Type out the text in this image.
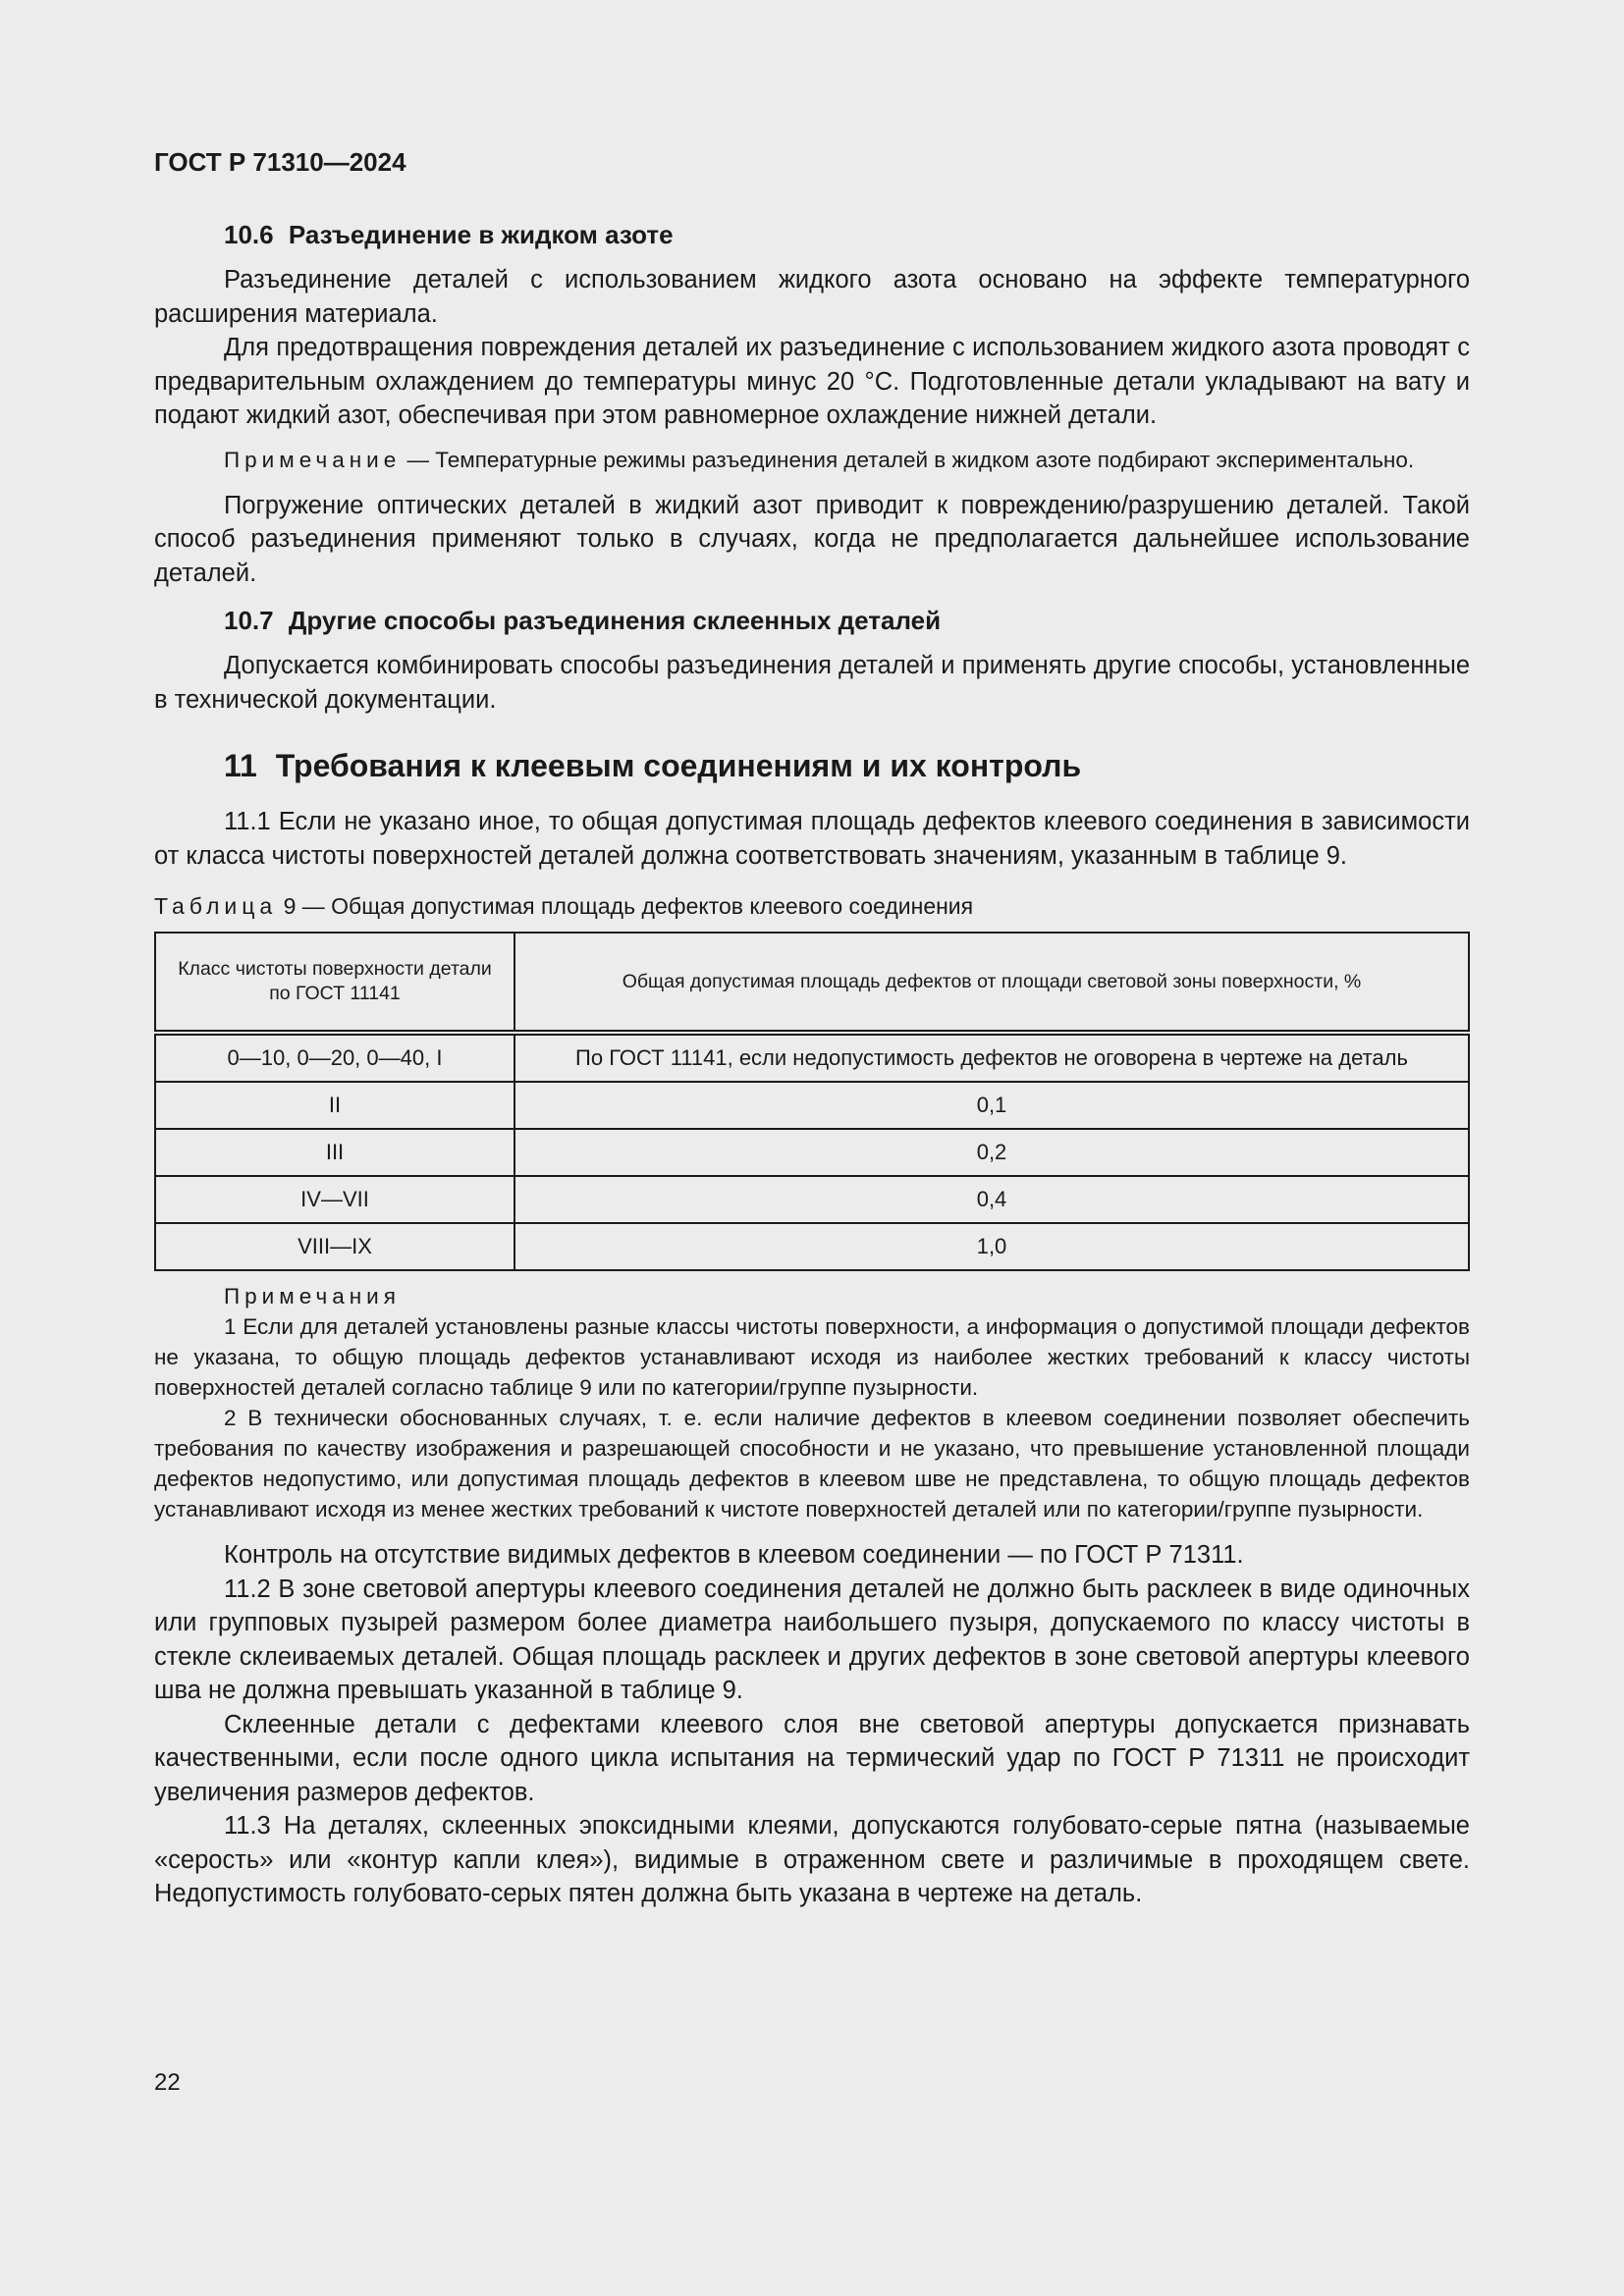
ГОСТ Р 71310—2024
10.6 Разъединение в жидком азоте

Разъединение деталей с использованием жидкого азота основано на эффекте температурного расширения материала.

Для предотвращения повреждения деталей их разъединение с использованием жидкого азота проводят с предварительным охлаждением до температуры минус 20 °С. Подготовленные детали укладывают на вату и подают жидкий азот, обеспечивая при этом равномерное охлаждение нижней детали.

Примечание — Температурные режимы разъединения деталей в жидком азоте подбирают экспериментально.

Погружение оптических деталей в жидкий азот приводит к повреждению/разрушению деталей. Такой способ разъединения применяют только в случаях, когда не предполагается дальнейшее использование деталей.

10.7 Другие способы разъединения склеенных деталей

Допускается комбинировать способы разъединения деталей и применять другие способы, установленные в технической документации.

11 Требования к клеевым соединениям и их контроль

11.1 Если не указано иное, то общая допустимая площадь дефектов клеевого соединения в зависимости от класса чистоты поверхностей деталей должна соответствовать значениям, указанным в таблице 9.

Таблица 9 — Общая допустимая площадь дефектов клеевого соединения

Класс чистоты поверхности детали по ГОСТ 11141	Общая допустимая площадь дефектов от площади световой зоны поверхности, %
0—10, 0—20, 0—40, I	По ГОСТ 11141, если недопустимость дефектов не оговорена в чертеже на деталь
II	0,1
III	0,2
IV—VII	0,4
VIII—IX	1,0

Примечания

1 Если для деталей установлены разные классы чистоты поверхности, а информация о допустимой площади дефектов не указана, то общую площадь дефектов устанавливают исходя из наиболее жестких требований к классу чистоты поверхностей деталей согласно таблице 9 или по категории/группе пузырности.

2 В технически обоснованных случаях, т. е. если наличие дефектов в клеевом соединении позволяет обеспечить требования по качеству изображения и разрешающей способности и не указано, что превышение установленной площади дефектов недопустимо, или допустимая площадь дефектов в клеевом шве не представлена, то общую площадь дефектов устанавливают исходя из менее жестких требований к чистоте поверхностей деталей или по категории/группе пузырности.

Контроль на отсутствие видимых дефектов в клеевом соединении — по ГОСТ Р 71311.

11.2 В зоне световой апертуры клеевого соединения деталей не должно быть расклеек в виде одиночных или групповых пузырей размером более диаметра наибольшего пузыря, допускаемого по классу чистоты в стекле склеиваемых деталей. Общая площадь расклеек и других дефектов в зоне световой апертуры клеевого шва не должна превышать указанной в таблице 9.

Склеенные детали с дефектами клеевого слоя вне световой апертуры допускается признавать качественными, если после одного цикла испытания на термический удар по ГОСТ Р 71311 не происходит увеличения размеров дефектов.

11.3 На деталях, склеенных эпоксидными клеями, допускаются голубовато-серые пятна (называемые «серость» или «контур капли клея»), видимые в отраженном свете и различимые в проходящем свете. Недопустимость голубовато-серых пятен должна быть указана в чертеже на деталь.

22
